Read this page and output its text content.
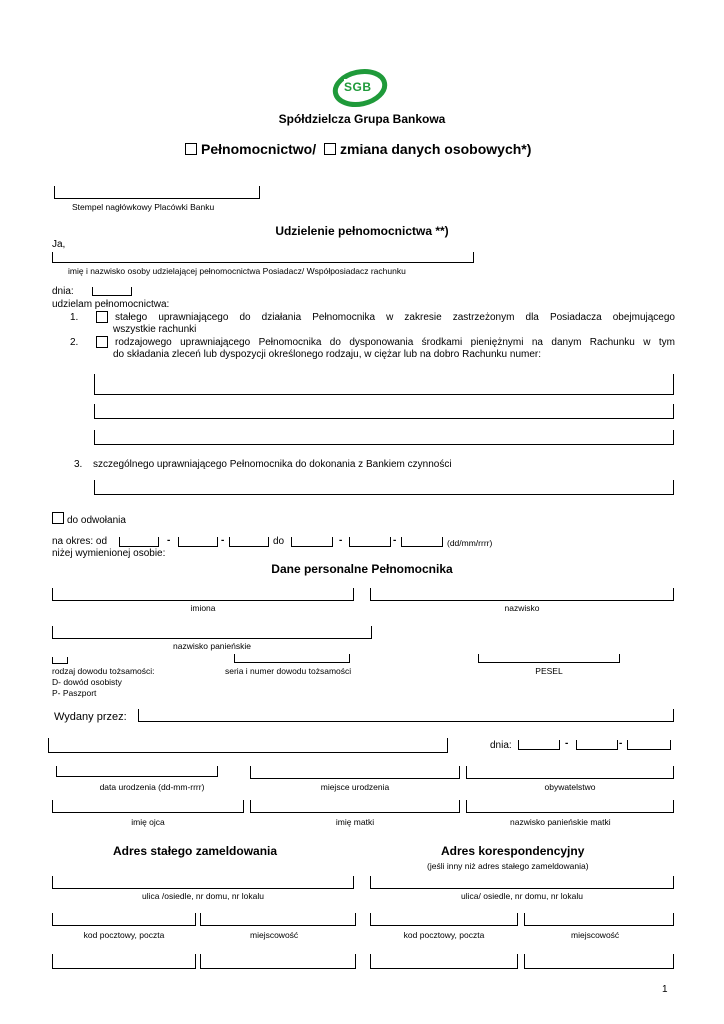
SGB
Spółdzielcza Grupa Bankowa
Pełnomocnictwo/ zmiana danych osobowych*)
Stempel nagłówkowy Placówki Banku
Udzielenie pełnomocnictwa **)
Ja,
imię i nazwisko osoby udzielającej pełnomocnictwa Posiadacz/ Współposiadacz rachunku
dnia:
udzielam pełnomocnictwa:
1.	stałego uprawniającego do działania Pełnomocnika w zakresie zastrzeżonym dla Posiadacza obejmującego
wszystkie rachunki
2.	rodzajowego uprawniającego Pełnomocnika do dysponowania środkami pieniężnymi na danym Rachunku w tym
do składania zleceń lub dyspozycji określonego rodzaju, w ciężar lub na dobro Rachunku numer:
3. szczególnego uprawniającego Pełnomocnika do dokonania z Bankiem czynności
do odwołania
na okres: od	-	-	do	-	-	(dd/mm/rrrr)
niżej wymienionej osobie:
Dane personalne Pełnomocnika
imiona	nazwisko
nazwisko panieńskie
rodzaj dowodu tożsamości:	seria i numer dowodu tożsamości	PESEL
D- dowód osobisty
P- Paszport
Wydany przez:
dnia:	-	-
data urodzenia (dd-mm-rrrr)	miejsce urodzenia	obywatelstwo
imię ojca	imię matki	nazwisko panieńskie matki
Adres stałego zameldowania	Adres korespondencyjny
(jeśli inny niż adres stałego zameldowania)
ulica /osiedle, nr domu, nr lokalu	ulica/ osiedle, nr domu, nr lokalu
kod pocztowy, poczta	miejscowość	kod pocztowy, poczta	miejscowość
1
